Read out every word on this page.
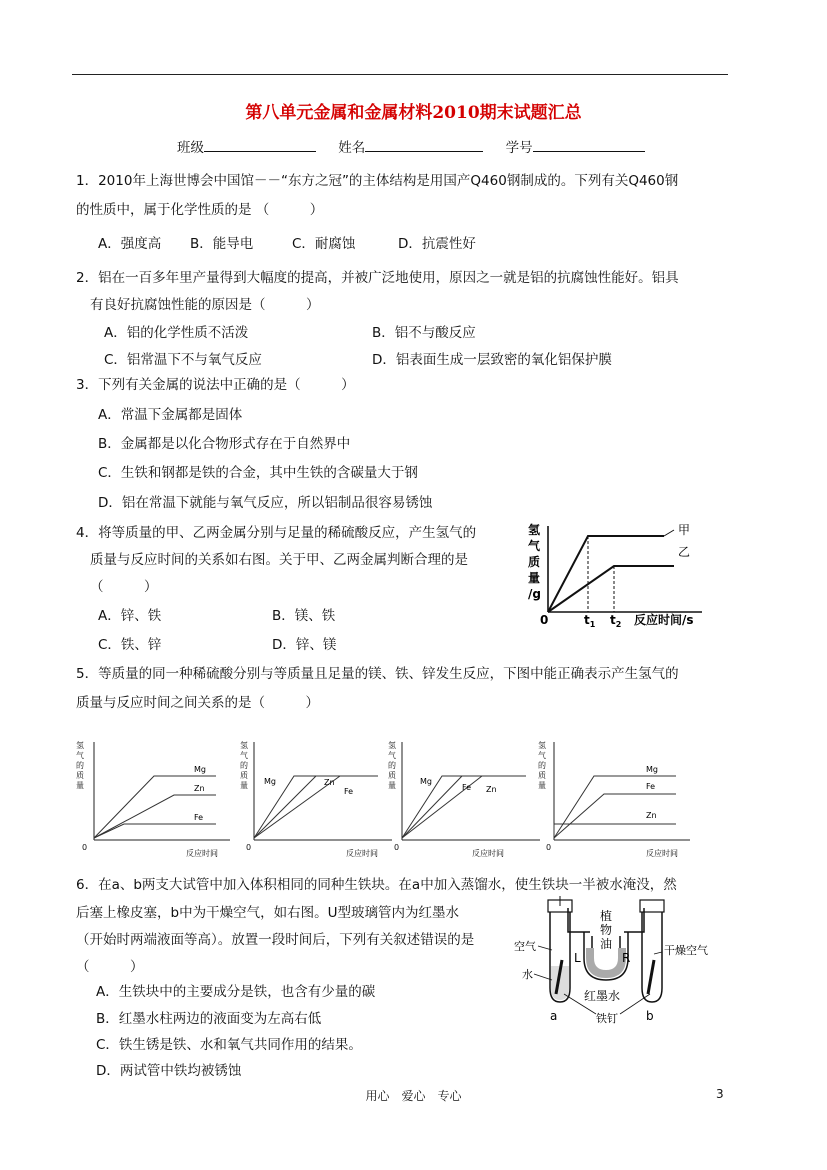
第八单元金属和金属材料2010期末试题汇总
班级	姓名	学号
1．2010年上海世博会中国馆－－“东方之冠”的主体结构是用国产Q460钢制成的。下列有关Q460钢
的性质中，属于化学性质的是 （　　　）
A．强度高 B．能导电	C．耐腐蚀	D．抗震性好
2．铝在一百多年里产量得到大幅度的提高，并被广泛地使用，原因之一就是铝的抗腐蚀性能好。铝具
有良好抗腐蚀性能的原因是（　　　）
A．铝的化学性质不活泼	B．铝不与酸反应
C．铝常温下不与氧气反应	D．铝表面生成一层致密的氧化铝保护膜
3．下列有关金属的说法中正确的是（　　　）
A．常温下金属都是固体
B．金属都是以化合物形式存在于自然界中
C．生铁和钢都是铁的合金，其中生铁的含碳量大于钢
D．铝在常温下就能与氧气反应，所以铝制品很容易锈蚀
4．将等质量的甲、乙两金属分别与足量的稀硫酸反应，产生氢气的
质量与反应时间的关系如右图。关于甲、乙两金属判断合理的是
（　　　）
A．锌、铁	B．镁、铁
C．铁、锌	D．锌、镁
氢
气
质
量
/g
0	$t_1$ $t_2$ 反应时间/s
甲
乙
5．等质量的同一种稀硫酸分别与等质量且足量的镁、铁、锌发生反应，下图中能正确表示产生氢气的
质量与反应时间之间关系的是（　　　）
Mg
Zn
Fe
Mg	Zn
Fe
Mg
Fe Zn
Mg
Fe
Zn
氢
气
的
质
量
0
反应时间
氢
气
的
质
量
0
反应时间
氢
气
的
质
量
0
反应时间
氢
气
的
质
量
0
反应时间
6．在a、b两支大试管中加入体积相同的同种生铁块。在a中加入蒸馏水，使生铁块一半被水淹没，然
后塞上橡皮塞，b中为干燥空气，如右图。U型玻璃管内为红墨水
（开始时两端液面等高）。放置一段时间后，下列有关叙述错误的是
（　　　）
A．生铁块中的主要成分是铁，也含有少量的碳
B．红墨水柱两边的液面变为左高右低
C．铁生锈是铁、水和氧气共同作用的结果。
D．两试管中铁均被锈蚀
植
物
油
L	R
空气
水
干燥空气
红墨水
铁钉
a	b
用心　爱心　专心	3
